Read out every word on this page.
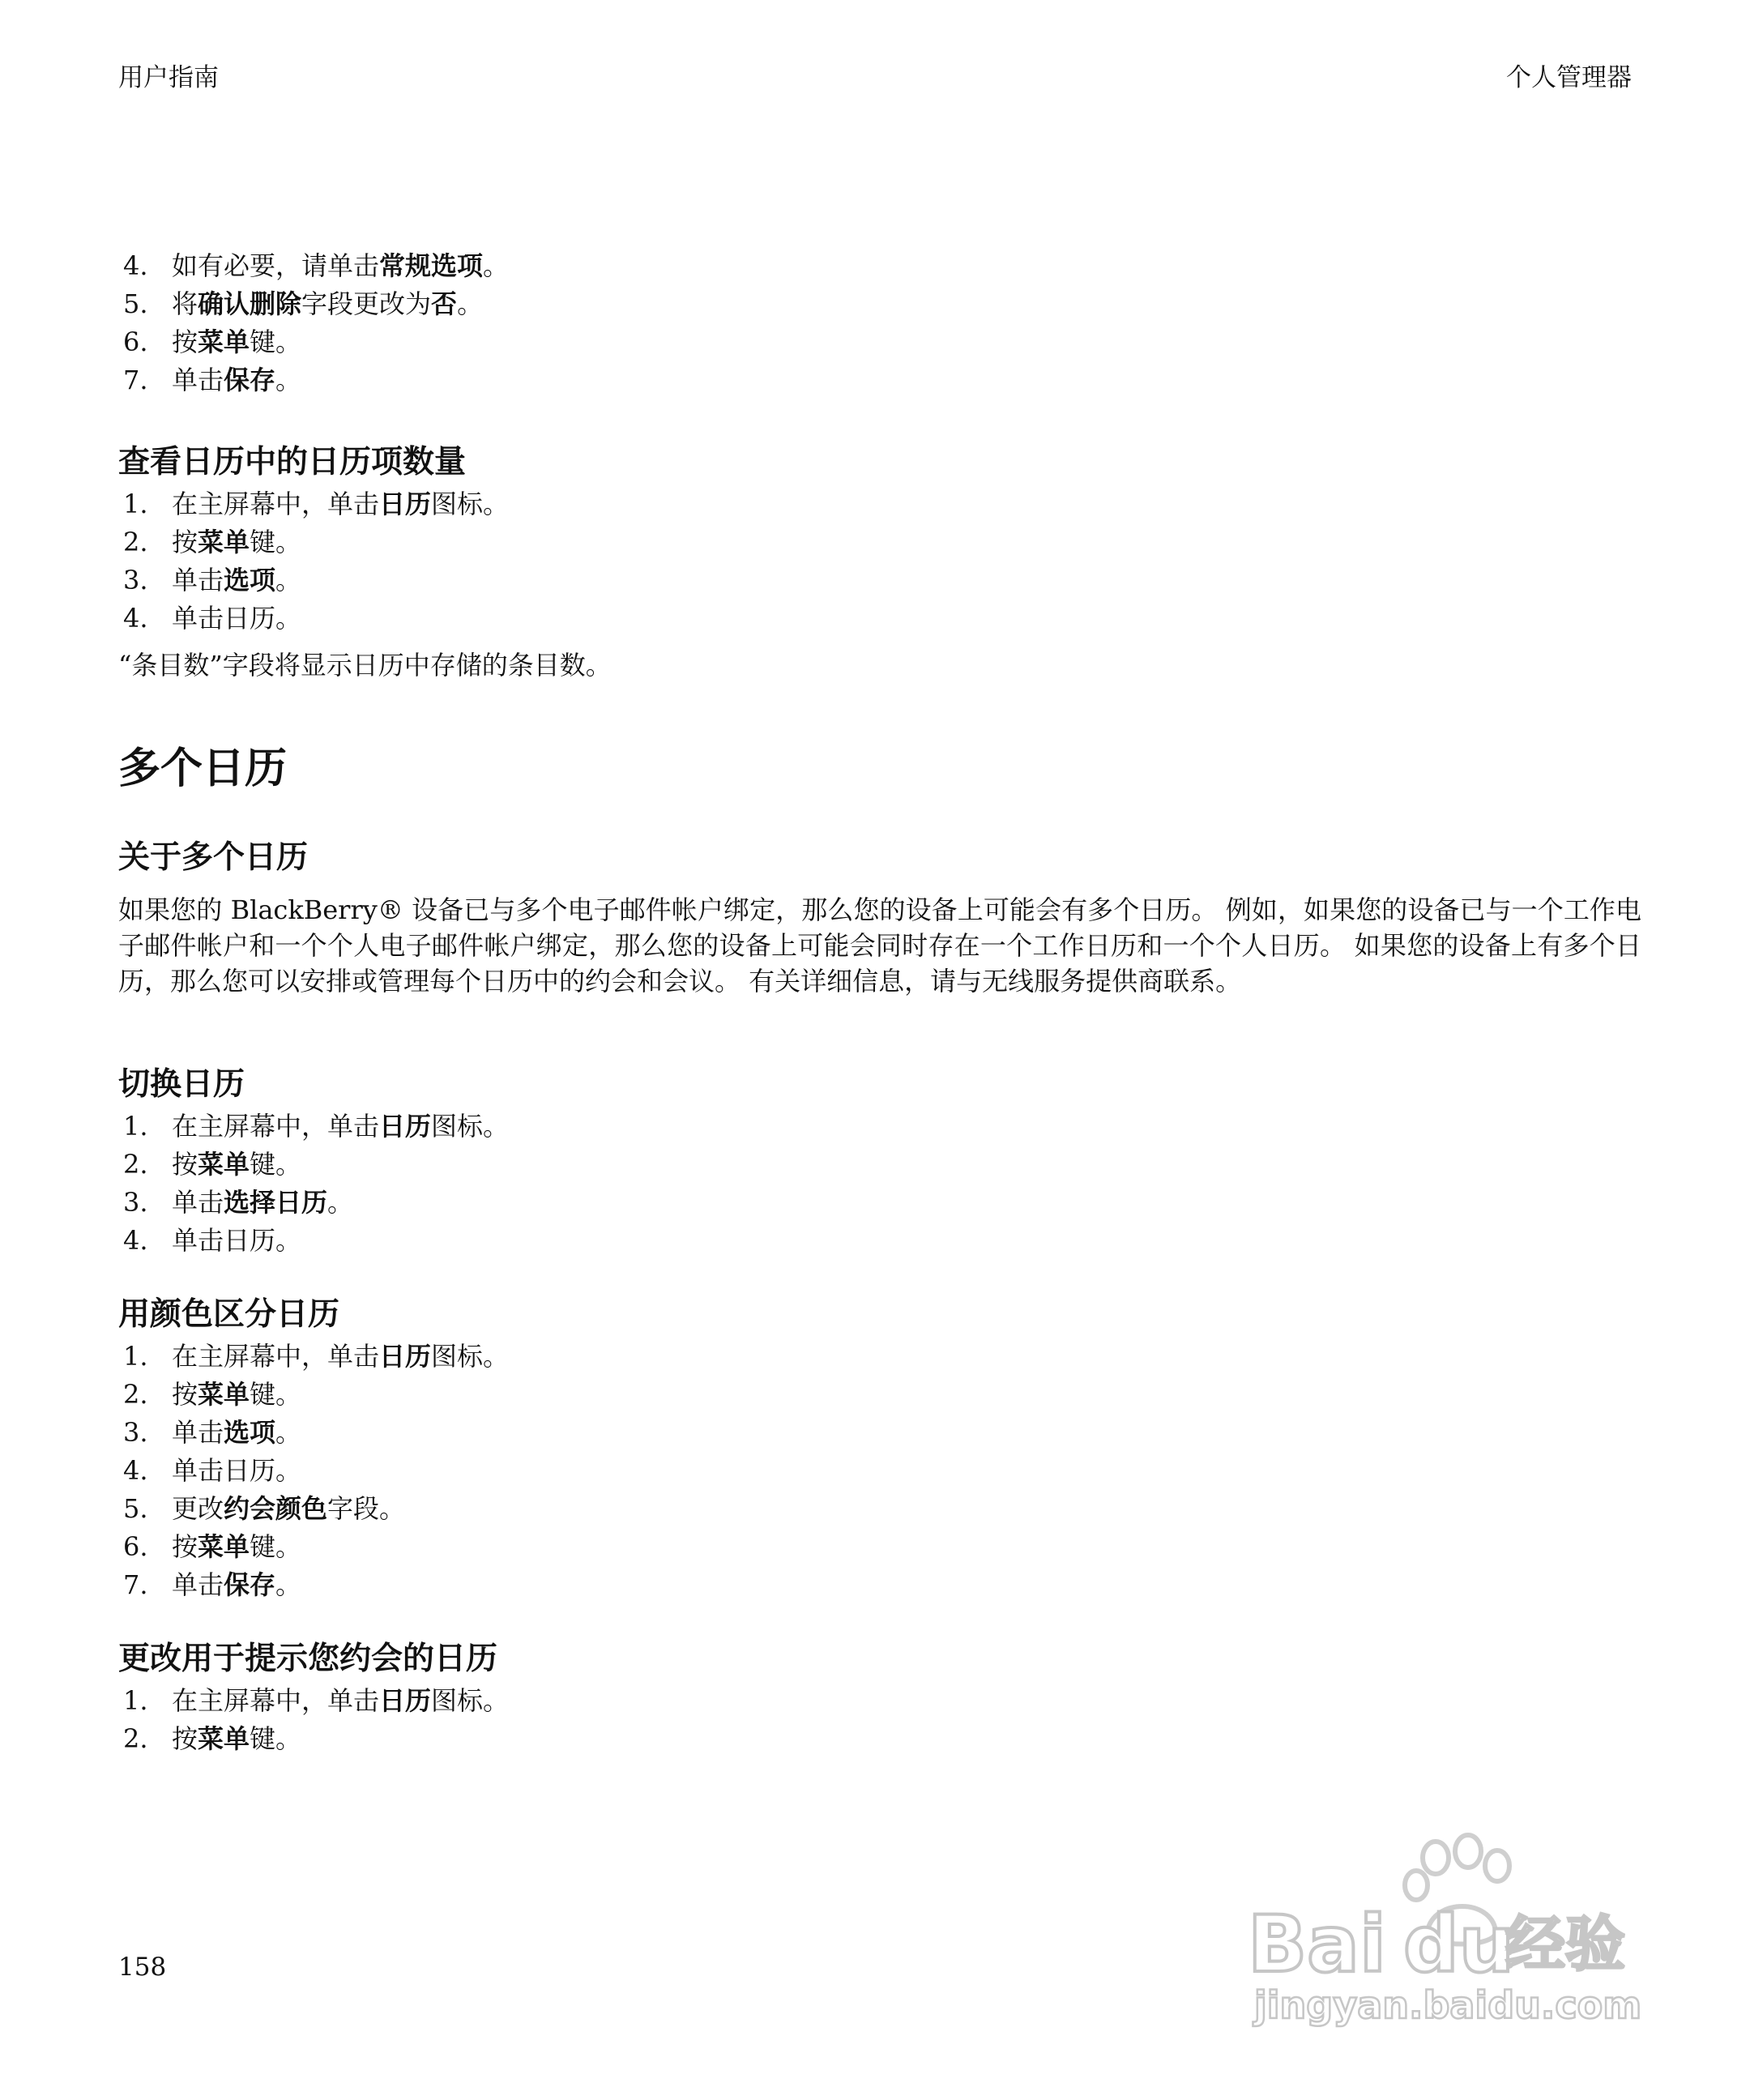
用户指南	个人管理器
4. 如有必要，请单击常规选项。
5. 将确认删除字段更改为否。
6. 按菜单键。
7. 单击保存。
查看日历中的日历项数量
1. 在主屏幕中，单击日历图标。
2. 按菜单键。
3. 单击选项。
4. 单击日历。

“条目数”字段将显示日历中存储的条目数。

多个日历
关于多个日历

如果您的 BlackBerry® 设备已与多个电子邮件帐户绑定，那么您的设备上可能会有多个日历。 例如，如果您的设备已与一个工作电子邮件帐户和一个个人电子邮件帐户绑定，那么您的设备上可能会同时存在一个工作日历和一个个人日历。 如果您的设备上有多个日历，那么您可以安排或管理每个日历中的约会和会议。 有关详细信息，请与无线服务提供商联系。

切换日历
1. 在主屏幕中，单击日历图标。
2. 按菜单键。
3. 单击选择日历。
4. 单击日历。
用颜色区分日历
1. 在主屏幕中，单击日历图标。
2. 按菜单键。
3. 单击选项。
4. 单击日历。
5. 更改约会颜色字段。
6. 按菜单键。
7. 单击保存。
更改用于提示您约会的日历
1. 在主屏幕中，单击日历图标。
2. 按菜单键。
158	Bai du
经验
jingyan.baidu.com
